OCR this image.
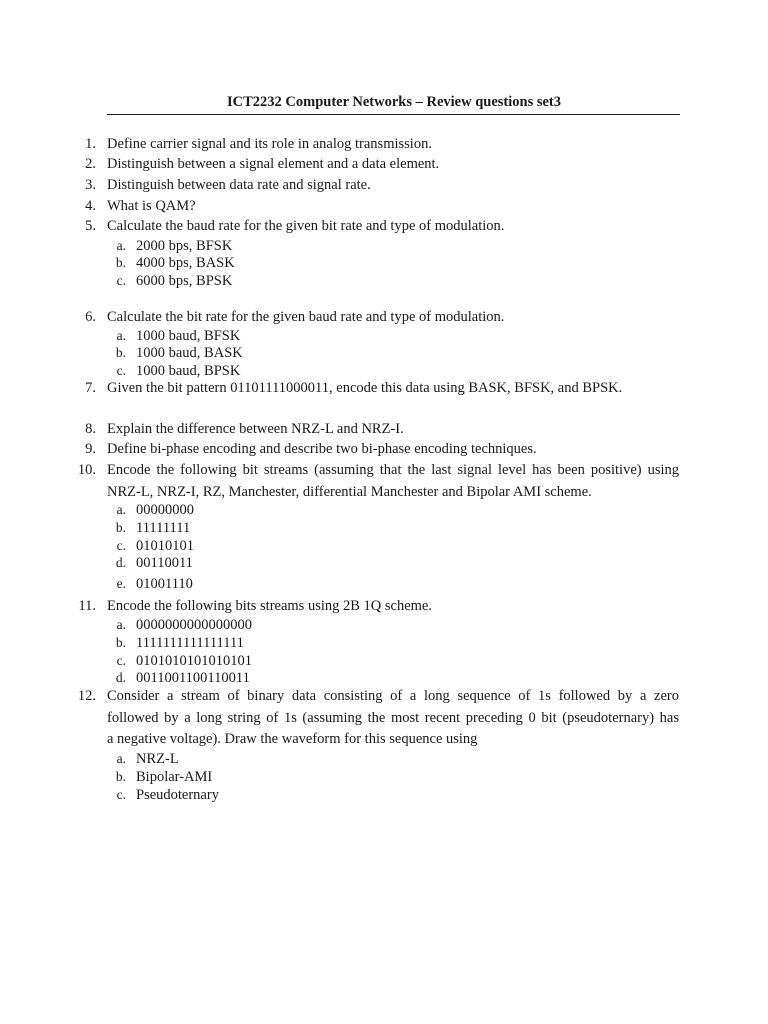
ICT2232 Computer Networks – Review questions set3
1. Define carrier signal and its role in analog transmission.
2. Distinguish between a signal element and a data element.
3. Distinguish between data rate and signal rate.
4. What is QAM?
5. Calculate the baud rate for the given bit rate and type of modulation.
a. 2000 bps, BFSK
b. 4000 bps, BASK
c. 6000 bps, BPSK
6. Calculate the bit rate for the given baud rate and type of modulation.
a. 1000 baud, BFSK
b. 1000 baud, BASK
c. 1000 baud, BPSK
7. Given the bit pattern 01101111000011, encode this data using BASK, BFSK, and BPSK.
8. Explain the difference between NRZ-L and NRZ-I.
9. Define bi-phase encoding and describe two bi-phase encoding techniques.
10. Encode the following bit streams (assuming that the last signal level has been positive) using
NRZ-L, NRZ-I, RZ, Manchester, differential Manchester and Bipolar AMI scheme.
a. 00000000
b. 11111111
c. 01010101
d. 00110011
e. 01001110
11. Encode the following bits streams using 2B 1Q scheme.
a. 0000000000000000
b. 1111111111111111
c. 0101010101010101
d. 0011001100110011
12. Consider a stream of binary data consisting of a long sequence of 1s followed by a zero
followed by a long string of 1s (assuming the most recent preceding 0 bit (pseudoternary) has
a negative voltage). Draw the waveform for this sequence using
a. NRZ-L
b. Bipolar-AMI
c. Pseudoternary
